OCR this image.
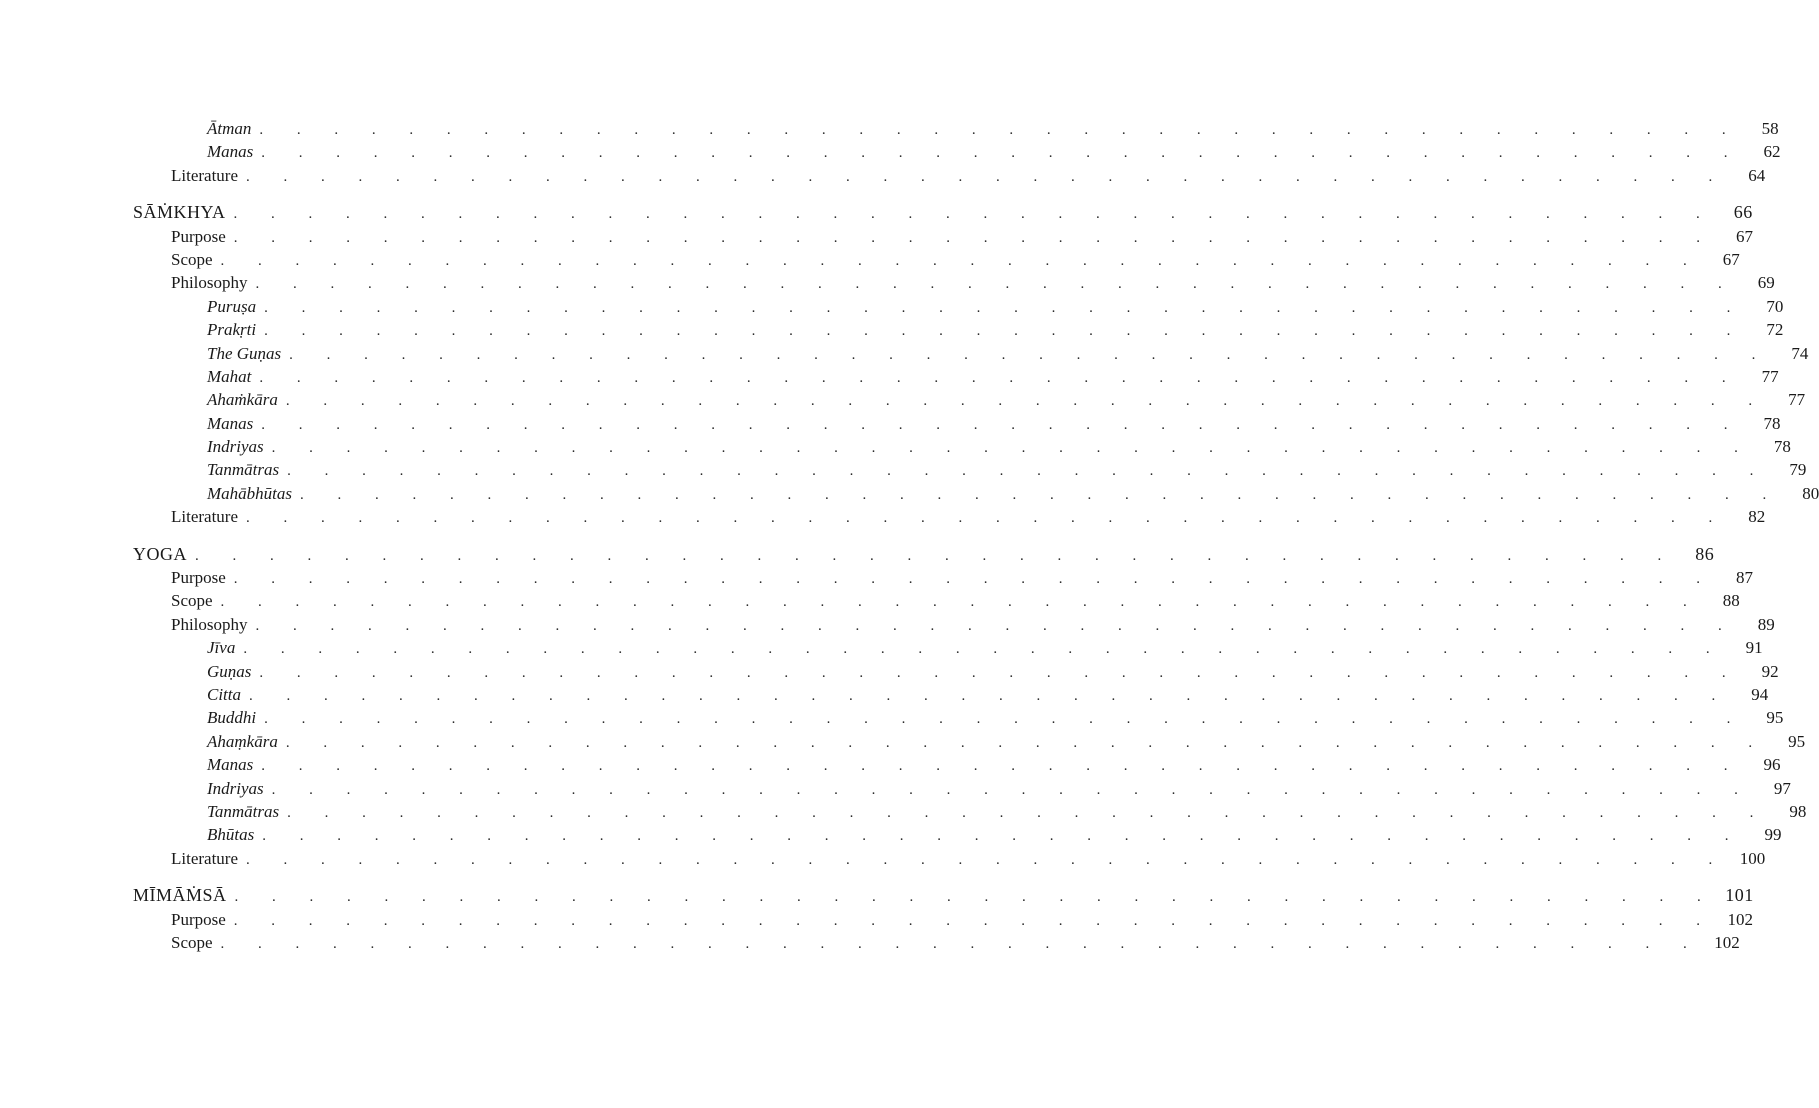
Ātman . . . . . . . . . . . . . . . . . . . . . . . . . . . . . . . . . . . . . . . .	58
Manas . . . . . . . . . . . . . . . . . . . . . . . . . . . . . . . . . . . . . . . .	62
Literature . . . . . . . . . . . . . . . . . . . . . . . . . . . . . . . . . . . . . . . .	64
SĀṀKHYA . . . . . . . . . . . . . . . . . . . . . . . . . . . . . . . . . . . . . . . .	66
Purpose . . . . . . . . . . . . . . . . . . . . . . . . . . . . . . . . . . . . . . . .	67
Scope . . . . . . . . . . . . . . . . . . . . . . . . . . . . . . . . . . . . . . . .	67
Philosophy . . . . . . . . . . . . . . . . . . . . . . . . . . . . . . . . . . . . . . . .	69
Puruṣa . . . . . . . . . . . . . . . . . . . . . . . . . . . . . . . . . . . . . . . .	70
Prakṛti . . . . . . . . . . . . . . . . . . . . . . . . . . . . . . . . . . . . . . . .	72
The Guṇas . . . . . . . . . . . . . . . . . . . . . . . . . . . . . . . . . . . . . . . .	74
Mahat . . . . . . . . . . . . . . . . . . . . . . . . . . . . . . . . . . . . . . . .	77
Ahaṁkāra . . . . . . . . . . . . . . . . . . . . . . . . . . . . . . . . . . . . . . . .	77
Manas . . . . . . . . . . . . . . . . . . . . . . . . . . . . . . . . . . . . . . . .	78
Indriyas . . . . . . . . . . . . . . . . . . . . . . . . . . . . . . . . . . . . . . . .	78
Tanmātras . . . . . . . . . . . . . . . . . . . . . . . . . . . . . . . . . . . . . . . .	79
Mahābhūtas . . . . . . . . . . . . . . . . . . . . . . . . . . . . . . . . . . . . . . . .	80
Literature . . . . . . . . . . . . . . . . . . . . . . . . . . . . . . . . . . . . . . . .	82
YOGA . . . . . . . . . . . . . . . . . . . . . . . . . . . . . . . . . . . . . . . .	86
Purpose . . . . . . . . . . . . . . . . . . . . . . . . . . . . . . . . . . . . . . . .	87
Scope . . . . . . . . . . . . . . . . . . . . . . . . . . . . . . . . . . . . . . . .	88
Philosophy . . . . . . . . . . . . . . . . . . . . . . . . . . . . . . . . . . . . . . . .	89
Jīva . . . . . . . . . . . . . . . . . . . . . . . . . . . . . . . . . . . . . . . .	91
Guṇas . . . . . . . . . . . . . . . . . . . . . . . . . . . . . . . . . . . . . . . .	92
Citta . . . . . . . . . . . . . . . . . . . . . . . . . . . . . . . . . . . . . . . .	94
Buddhi . . . . . . . . . . . . . . . . . . . . . . . . . . . . . . . . . . . . . . . .	95
Ahaṃkāra . . . . . . . . . . . . . . . . . . . . . . . . . . . . . . . . . . . . . . . .	95
Manas . . . . . . . . . . . . . . . . . . . . . . . . . . . . . . . . . . . . . . . .	96
Indriyas . . . . . . . . . . . . . . . . . . . . . . . . . . . . . . . . . . . . . . . .	97
Tanmātras . . . . . . . . . . . . . . . . . . . . . . . . . . . . . . . . . . . . . . . .	98
Bhūtas . . . . . . . . . . . . . . . . . . . . . . . . . . . . . . . . . . . . . . . .	99
Literature . . . . . . . . . . . . . . . . . . . . . . . . . . . . . . . . . . . . . . . . 100
MĪMĀṀSĀ . . . . . . . . . . . . . . . . . . . . . . . . . . . . . . . . . . . . . . . . 101
Purpose . . . . . . . . . . . . . . . . . . . . . . . . . . . . . . . . . . . . . . . . 102
Scope . . . . . . . . . . . . . . . . . . . . . . . . . . . . . . . . . . . . . . . . 102
